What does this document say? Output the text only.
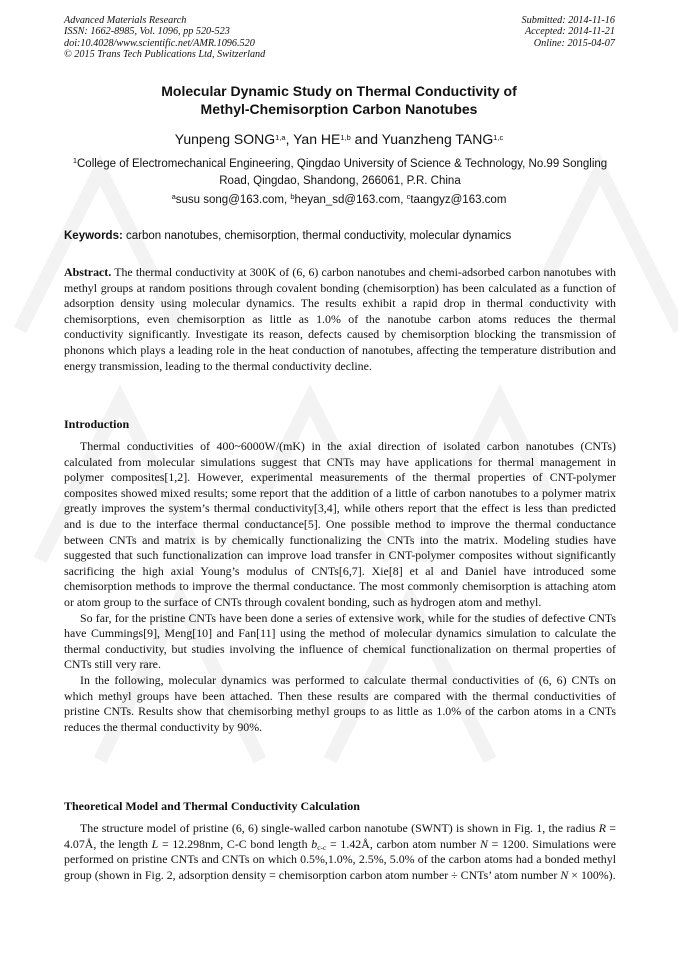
Advanced Materials Research
ISSN: 1662-8985, Vol. 1096, pp 520-523
doi:10.4028/www.scientific.net/AMR.1096.520
© 2015 Trans Tech Publications Ltd, Switzerland
Submitted: 2014-11-16
Accepted: 2014-11-21
Online: 2015-04-07
Molecular Dynamic Study on Thermal Conductivity of
Methyl-Chemisorption Carbon Nanotubes
Yunpeng SONG$^{1,a}$, Yan HE$^{1,b}$ and Yuanzheng TANG$^{1,c}$
$^1$College of Electromechanical Engineering, Qingdao University of Science & Technology, No.99 Songling Road, Qingdao, Shandong, 266061, P.R. China
$^a$susu song@163.com, $^b$heyan_sd@163.com, $^c$taangyz@163.com
Keywords: carbon nanotubes, chemisorption, thermal conductivity, molecular dynamics

Abstract. The thermal conductivity at 300K of (6, 6) carbon nanotubes and chemi-adsorbed carbon nanotubes with methyl groups at random positions through covalent bonding (chemisorption) has been calculated as a function of adsorption density using molecular dynamics. The results exhibit a rapid drop in thermal conductivity with chemisorptions, even chemisorption as little as 1.0% of the nanotube carbon atoms reduces the thermal conductivity significantly. Investigate its reason, defects caused by chemisorption blocking the transmission of phonons which plays a leading role in the heat conduction of nanotubes, affecting the temperature distribution and energy transmission, leading to the thermal conductivity decline.

Introduction

Thermal conductivities of 400~6000W/(mK) in the axial direction of isolated carbon nanotubes (CNTs) calculated from molecular simulations suggest that CNTs may have applications for thermal management in polymer composites[1,2]. However, experimental measurements of the thermal properties of CNT-polymer composites showed mixed results; some report that the addition of a little of carbon nanotubes to a polymer matrix greatly improves the system’s thermal conductivity[3,4], while others report that the effect is less than predicted and is due to the interface thermal conductance[5]. One possible method to improve the thermal conductance between CNTs and matrix is by chemically functionalizing the CNTs into the matrix. Modeling studies have suggested that such functionalization can improve load transfer in CNT-polymer composites without significantly sacrificing the high axial Young’s modulus of CNTs[6,7]. Xie[8] et al and Daniel have introduced some chemisorption methods to improve the thermal conductance. The most commonly chemisorption is attaching atom or atom group to the surface of CNTs through covalent bonding, such as hydrogen atom and methyl.

So far, for the pristine CNTs have been done a series of extensive work, while for the studies of defective CNTs have Cummings[9], Meng[10] and Fan[11] using the method of molecular dynamics simulation to calculate the thermal conductivity, but studies involving the influence of chemical functionalization on thermal properties of CNTs still very rare.

In the following, molecular dynamics was performed to calculate thermal conductivities of (6, 6) CNTs on which methyl groups have been attached. Then these results are compared with the thermal conductivities of pristine CNTs. Results show that chemisorbing methyl groups to as little as 1.0% of the carbon atoms in a CNTs reduces the thermal conductivity by 90%.

Theoretical Model and Thermal Conductivity Calculation

The structure model of pristine (6, 6) single-walled carbon nanotube (SWNT) is shown in Fig. 1, the radius R = 4.07Å, the length L = 12.298nm, C-C bond length $b_{c-c}$ = 1.42Å, carbon atom number N = 1200. Simulations were performed on pristine CNTs and CNTs on which 0.5%,1.0%, 2.5%, 5.0% of the carbon atoms had a bonded methyl group (shown in Fig. 2, adsorption density = chemisorption carbon atom number ÷ CNTs’ atom number N × 100%).
